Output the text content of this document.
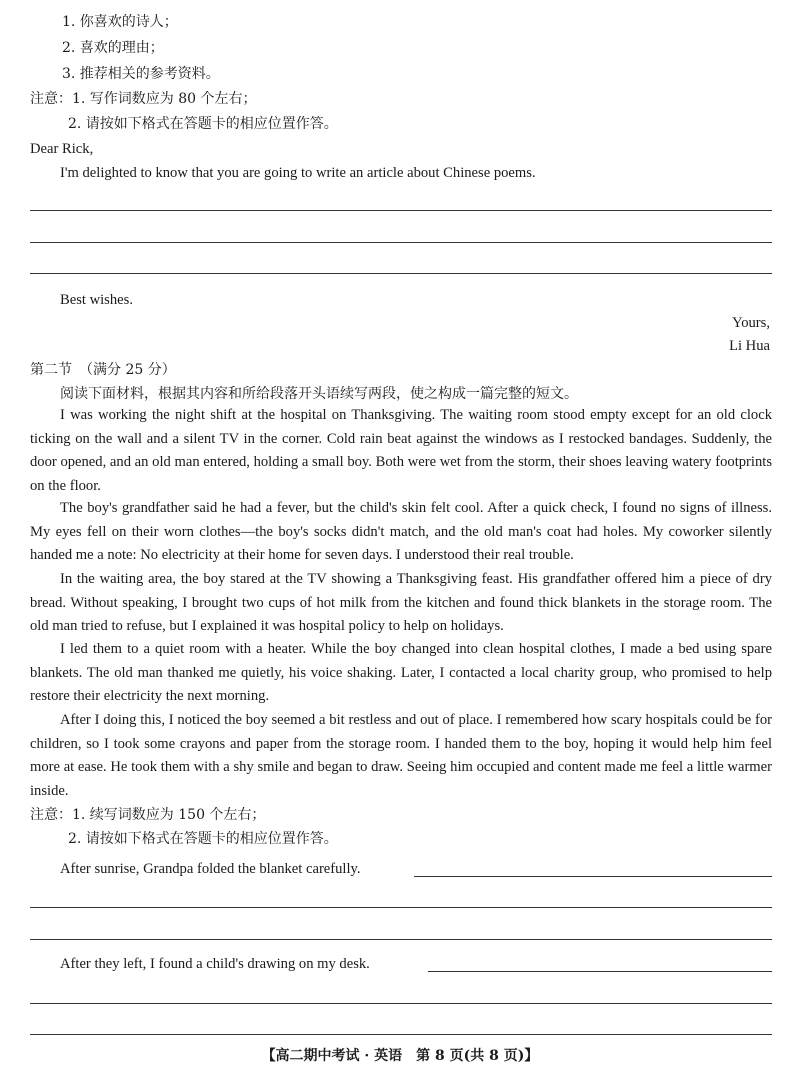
1. 你喜欢的诗人；
2. 喜欢的理由；
3. 推荐相关的参考资料。
注意： 1. 写作词数应为 80 个左右；
2. 请按如下格式在答题卡的相应位置作答。
Dear Rick,
I'm delighted to know that you are going to write an article about Chinese poems.
Best wishes.
Yours,
Li Hua
第二节　（满分 25 分）
阅读下面材料，根据其内容和所给段落开头语续写两段，使之构成一篇完整的短文。

I was working the night shift at the hospital on Thanksgiving. The waiting room stood empty except for an old clock ticking on the wall and a silent TV in the corner. Cold rain beat against the windows as I restocked bandages. Suddenly, the door opened, and an old man entered, holding a small boy. Both were wet from the storm, their shoes leaving watery footprints on the floor.

The boy's grandfather said he had a fever, but the child's skin felt cool. After a quick check, I found no signs of illness. My eyes fell on their worn clothes—the boy's socks didn't match, and the old man's coat had holes. My coworker silently handed me a note: No electricity at their home for seven days. I understood their real trouble.

In the waiting area, the boy stared at the TV showing a Thanksgiving feast. His grandfather offered him a piece of dry bread. Without speaking, I brought two cups of hot milk from the kitchen and found thick blankets in the storage room. The old man tried to refuse, but I explained it was hospital policy to help on holidays.

I led them to a quiet room with a heater. While the boy changed into clean hospital clothes, I made a bed using spare blankets. The old man thanked me quietly, his voice shaking. Later, I contacted a local charity group, who promised to help restore their electricity the next morning.

After I doing this, I noticed the boy seemed a bit restless and out of place. I remembered how scary hospitals could be for children, so I took some crayons and paper from the storage room. I handed them to the boy, hoping it would help him feel more at ease. He took them with a shy smile and began to draw. Seeing him occupied and content made me feel a little warmer inside.

注意： 1. 续写词数应为 150 个左右；
2. 请按如下格式在答题卡的相应位置作答。
After sunrise, Grandpa folded the blanket carefully.
After they left, I found a child's drawing on my desk.
【高二期中考试 · 英语　第 8 页(共 8 页)】
